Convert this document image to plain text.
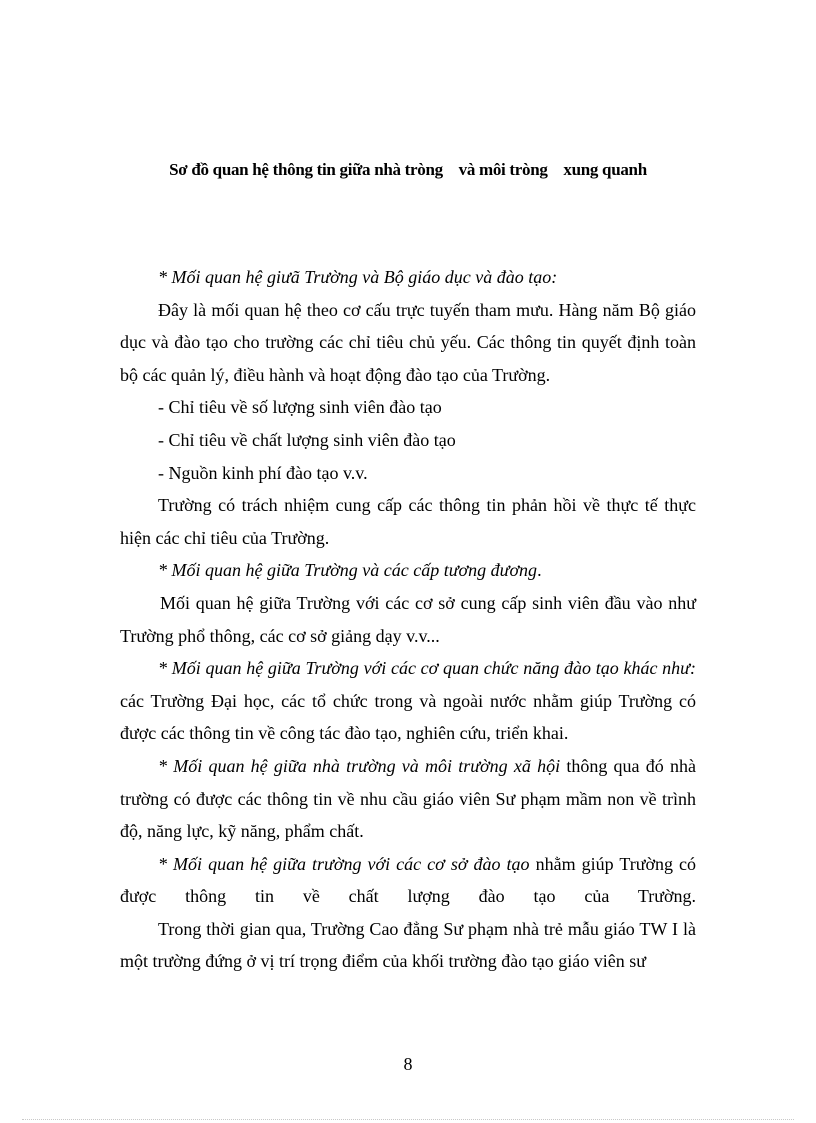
Sơ đồ quan hệ thông tin giữa nhà tròng    và môi tròng    xung quanh

* Mối quan hệ giưã Trường và Bộ giáo dục và đào tạo:

Đây là mối quan hệ theo cơ cấu trực tuyến tham mưu. Hàng năm Bộ giáo dục và đào tạo cho trường các chỉ tiêu chủ yếu. Các thông tin quyết định toàn bộ các quản lý, điều hành và hoạt động đào tạo của Trường.

- Chỉ tiêu về số lượng sinh viên đào tạo

- Chỉ tiêu về chất lượng sinh viên đào tạo

- Nguồn kinh phí đào tạo v.v.

Trường có trách nhiệm cung cấp các thông tin phản hồi về thực tế thực hiện các chỉ tiêu của Trường.

* Mối quan hệ giữa Trường và các cấp tương đương.

Mối quan hệ giữa Trường với các cơ sở cung cấp sinh viên đầu vào như Trường phổ thông, các cơ sở giảng dạy v.v...

* Mối quan hệ giữa Trường với các cơ quan chức năng đào tạo khác như: các Trường Đại học, các tổ chức trong và ngoài nước nhằm giúp Trường có được các thông tin về công tác đào tạo, nghiên cứu, triển khai.

* Mối quan hệ giữa nhà trường và môi trường xã hội thông qua đó nhà trường có được các thông tin về nhu cầu giáo viên Sư phạm mầm non về trình độ, năng lực, kỹ năng, phẩm chất.

* Mối quan hệ giữa trường với các cơ sở đào tạo nhằm giúp Trường có được thông tin về chất lượng đào tạo của Trường.

Trong thời gian qua, Trường Cao đẳng Sư phạm nhà trẻ mẫu giáo TW I là một trường đứng ở vị trí trọng điểm của khối trường đào tạo giáo viên sư

8
